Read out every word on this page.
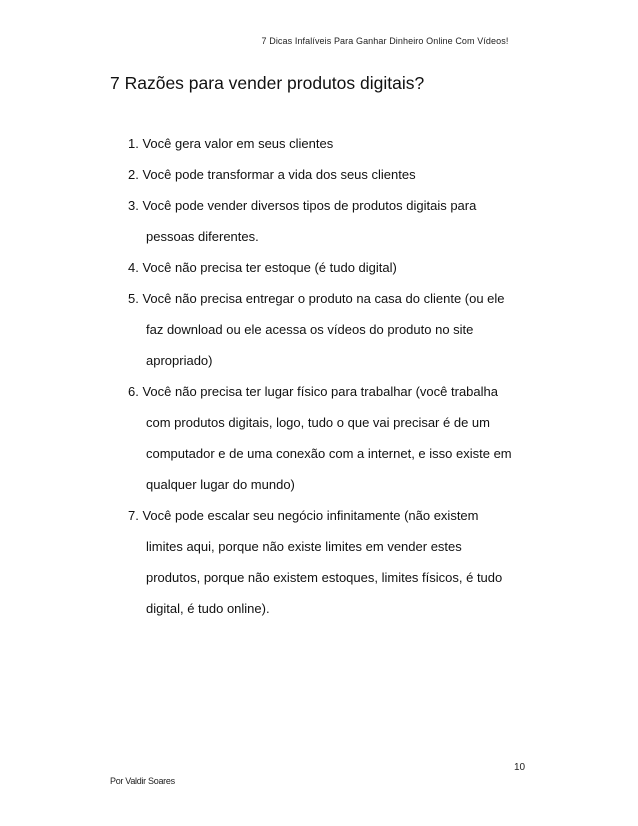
7 Dicas Infalíveis Para Ganhar Dinheiro Online Com Vídeos!
7 Razões para vender produtos digitais?
1. Você gera valor em seus clientes
2. Você pode transformar a vida dos seus clientes
3. Você pode vender diversos tipos de produtos digitais para
pessoas diferentes.
4. Você não precisa ter estoque (é tudo digital)
5. Você não precisa entregar o produto na casa do cliente (ou ele
faz download ou ele acessa os vídeos do produto no site
apropriado)
6. Você não precisa ter lugar físico para trabalhar (você trabalha
com produtos digitais, logo, tudo o que vai precisar é de um
computador e de uma conexão com a internet, e isso existe em
qualquer lugar do mundo)
7. Você pode escalar seu negócio infinitamente (não existem
limites aqui, porque não existe limites em vender estes
produtos, porque não existem estoques, limites físicos, é tudo
digital, é tudo online).
10
Por Valdir Soares
